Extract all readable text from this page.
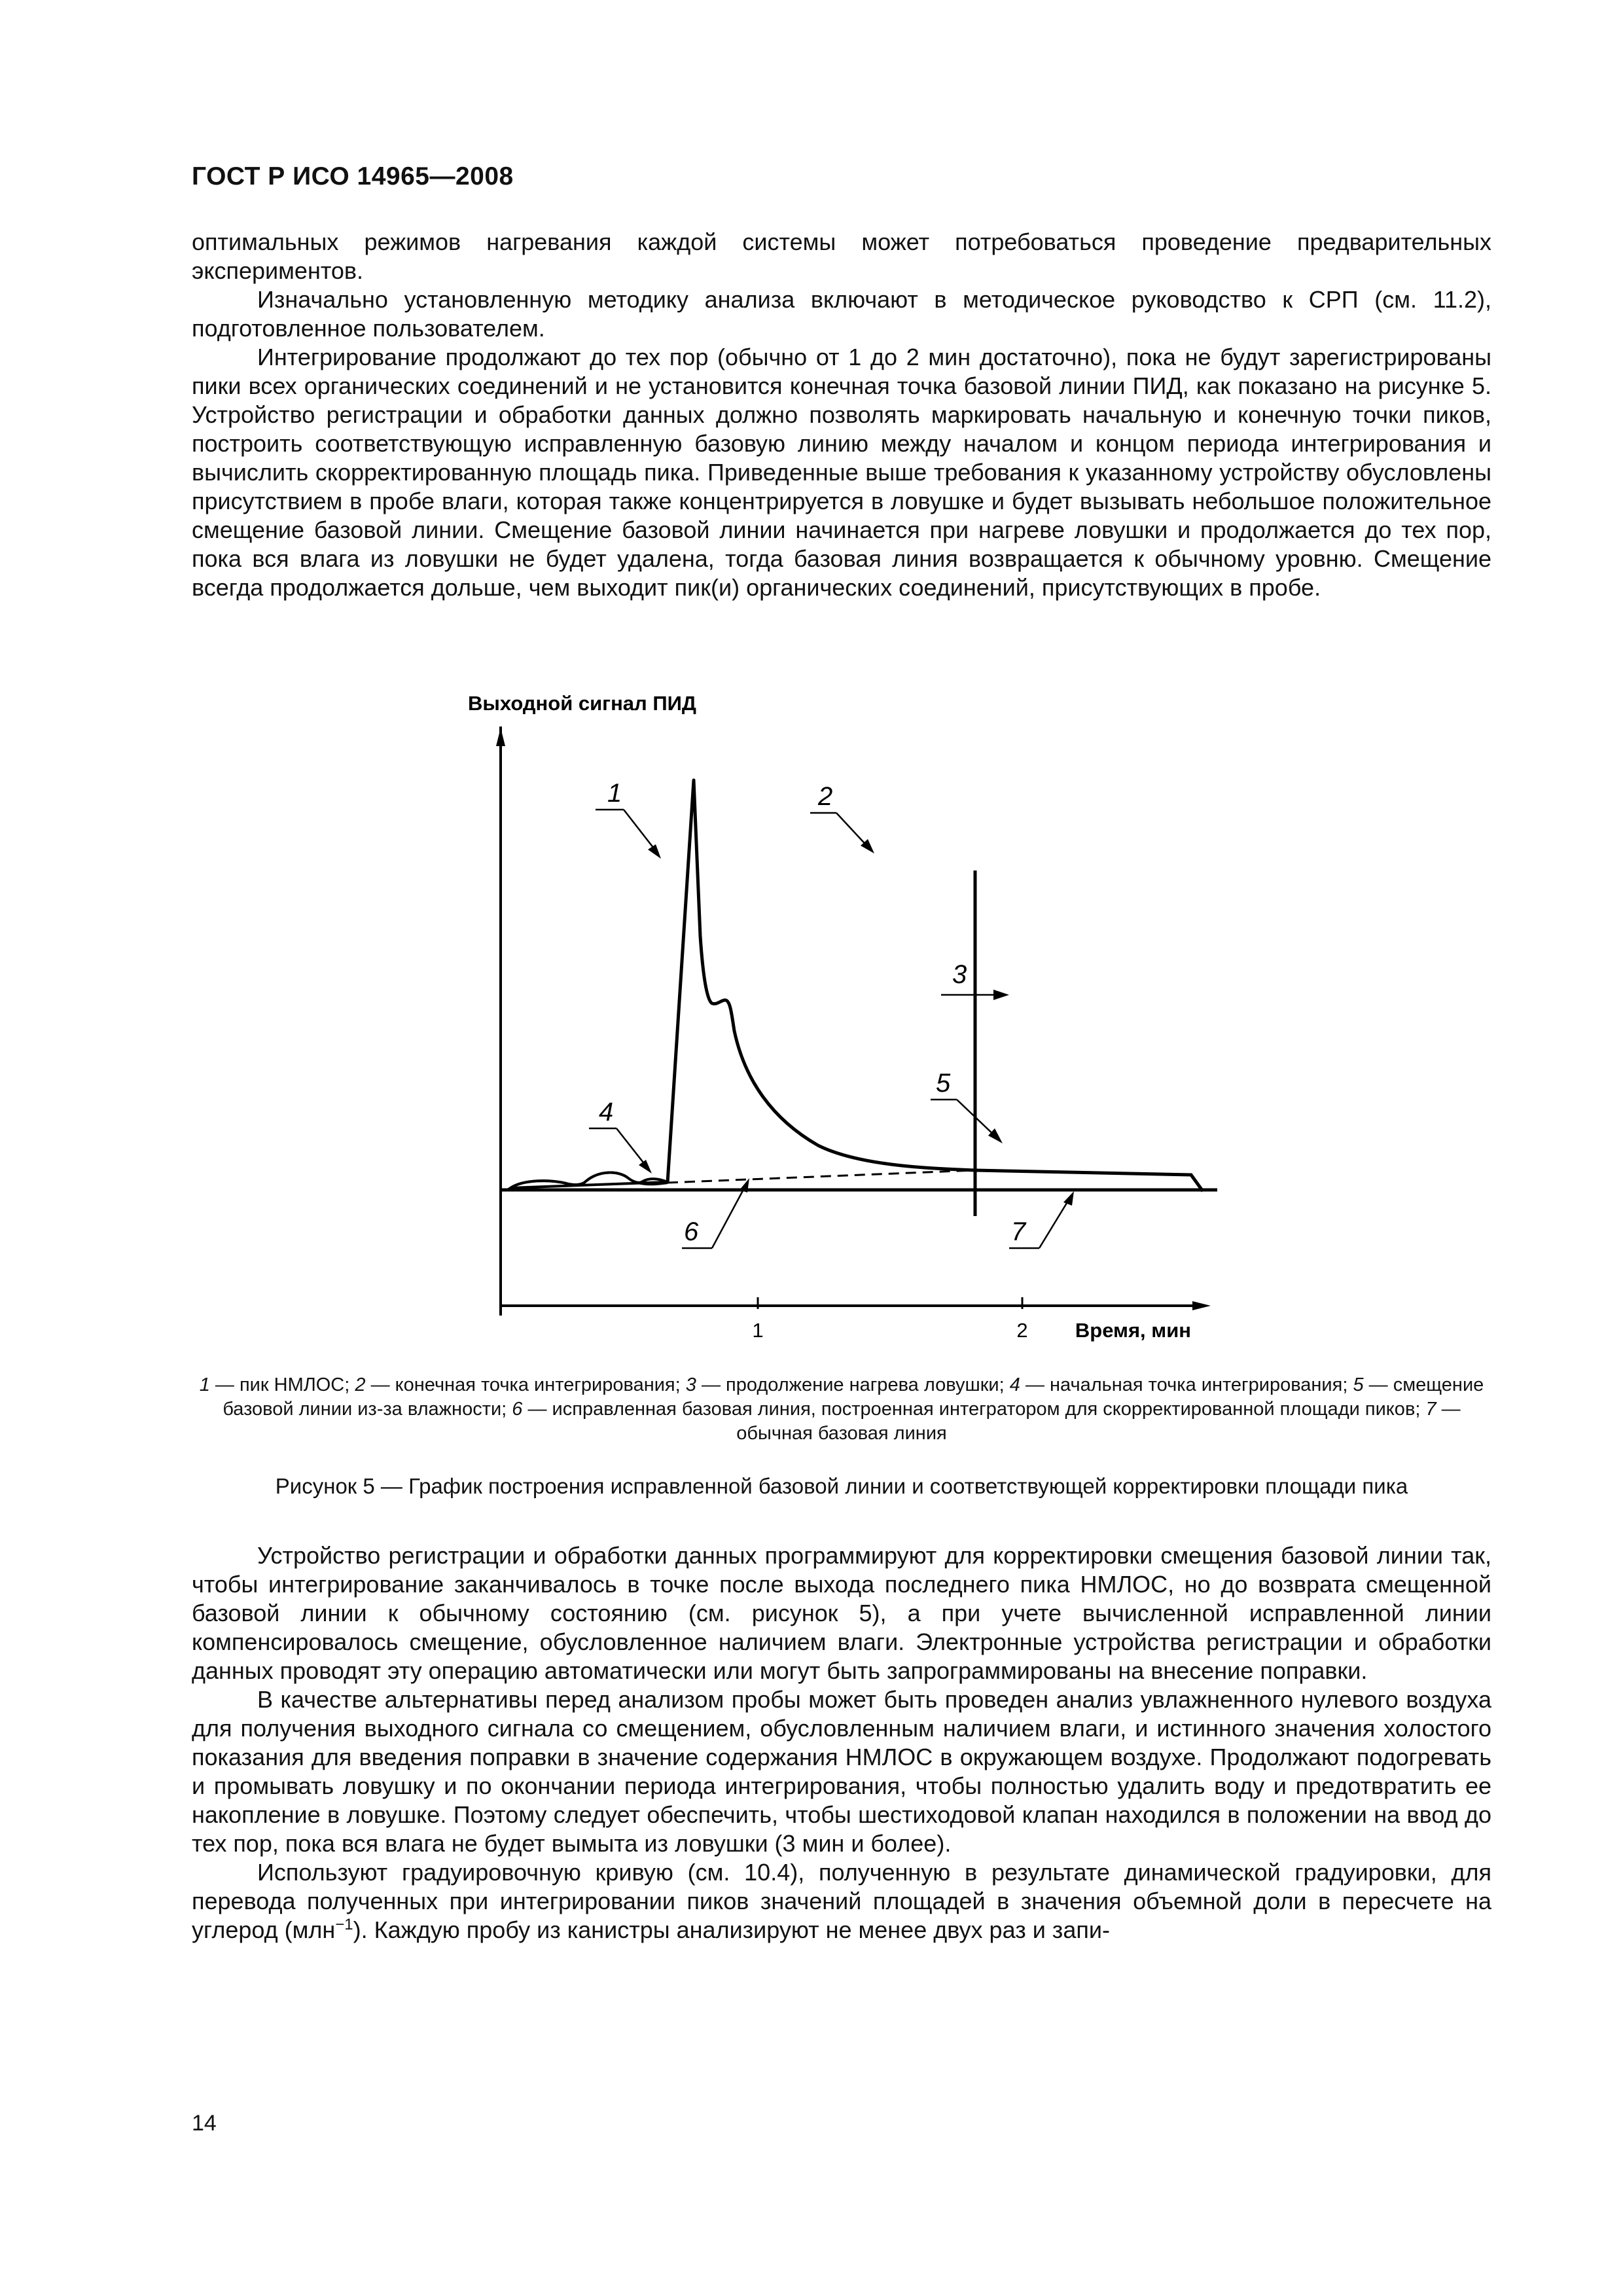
ГОСТ Р ИСО 14965—2008

оптимальных режимов нагревания каждой системы может потребоваться проведение предварительных экспериментов.

Изначально установленную методику анализа включают в методическое руководство к СРП (см. 11.2), подготовленное пользователем.

Интегрирование продолжают до тех пор (обычно от 1 до 2 мин достаточно), пока не будут зарегистрированы пики всех органических соединений и не установится конечная точка базовой линии ПИД, как показано на рисунке 5. Устройство регистрации и обработки данных должно позволять маркировать начальную и конечную точки пиков, построить соответствующую исправленную базовую линию между началом и концом периода интегрирования и вычислить скорректированную площадь пика. Приведенные выше требования к указанному устройству обусловлены присутствием в пробе влаги, которая также концентрируется в ловушке и будет вызывать небольшое положительное смещение базовой линии. Смещение базовой линии начинается при нагреве ловушки и продолжается до тех пор, пока вся влага из ловушки не будет удалена, тогда базовая линия возвращается к обычному уровню. Смещение всегда продолжается дольше, чем выходит пик(и) органических соединений, присутствующих в пробе.

Выходной сигнал ПИД
1	2 Время, мин
1	2
3
4
5
6	7
1 — пик НМЛОС; 2 — конечная точка интегрирования; 3 — продолжение нагрева ловушки; 4 — начальная точка интегрирования; 5 — смещение базовой линии из-за влажности; 6 — исправленная базовая линия, построенная интегратором для скорректированной площади пиков; 7 — обычная базовая линия
Рисунок 5 — График построения исправленной базовой линии и соответствующей корректировки площади пика

Устройство регистрации и обработки данных программируют для корректировки смещения базовой линии так, чтобы интегрирование заканчивалось в точке после выхода последнего пика НМЛОС, но до возврата смещенной базовой линии к обычному состоянию (см. рисунок 5), а при учете вычисленной исправленной линии компенсировалось смещение, обусловленное наличием влаги. Электронные устройства регистрации и обработки данных проводят эту операцию автоматически или могут быть запрограммированы на внесение поправки.

В качестве альтернативы перед анализом пробы может быть проведен анализ увлажненного нулевого воздуха для получения выходного сигнала со смещением, обусловленным наличием влаги, и истинного значения холостого показания для введения поправки в значение содержания НМЛОС в окружающем воздухе. Продолжают подогревать и промывать ловушку и по окончании периода интегрирования, чтобы полностью удалить воду и предотвратить ее накопление в ловушке. Поэтому следует обеспечить, чтобы шестиходовой клапан находился в положении на ввод до тех пор, пока вся влага не будет вымыта из ловушки (3 мин и более).

Используют градуировочную кривую (см. 10.4), полученную в результате динамической градуировки, для перевода полученных при интегрировании пиков значений площадей в значения объемной доли в пересчете на углерод (млн$^{-1}$). Каждую пробу из канистры анализируют не менее двух раз и запи-

14
